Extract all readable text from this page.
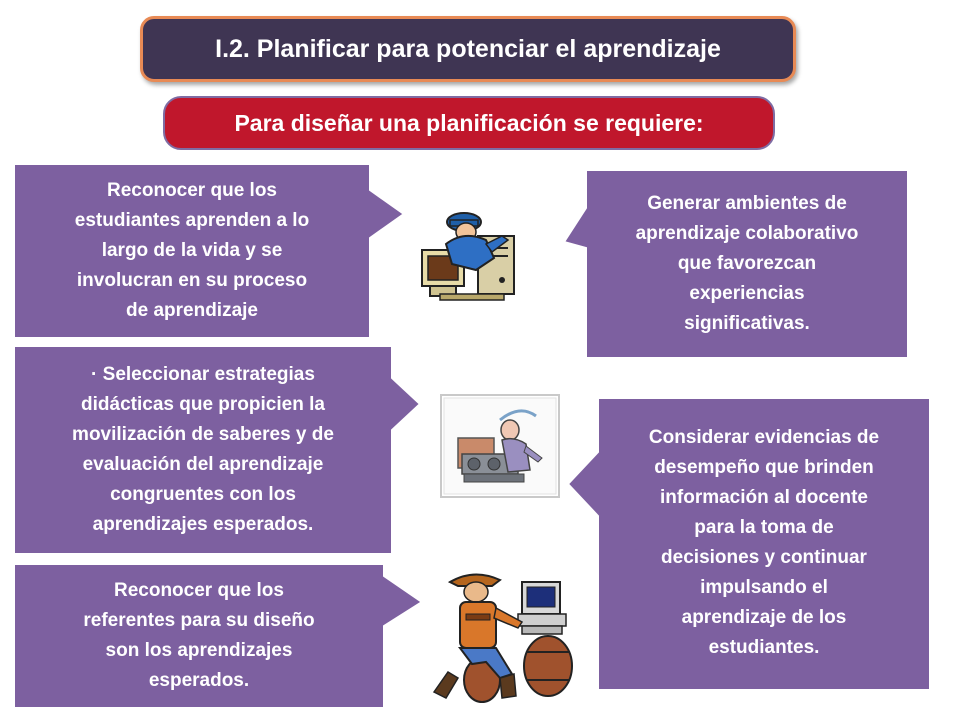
I.2. Planificar para potenciar el aprendizaje
Para diseñar una planificación se requiere:
Reconocer que los
estudiantes aprenden a lo
largo de la vida y se
involucran en su proceso
de aprendizaje
· Seleccionar estrategias
didácticas que propicien la
movilización de saberes y de
evaluación del aprendizaje
congruentes con los
aprendizajes esperados.
Reconocer que los
referentes para su diseño
son los aprendizajes
esperados.
Generar ambientes de
aprendizaje colaborativo
que favorezcan
experiencias
significativas.
Considerar evidencias de
desempeño que brinden
información al docente
para la toma de
decisiones y continuar
impulsando el
aprendizaje de los
estudiantes.
